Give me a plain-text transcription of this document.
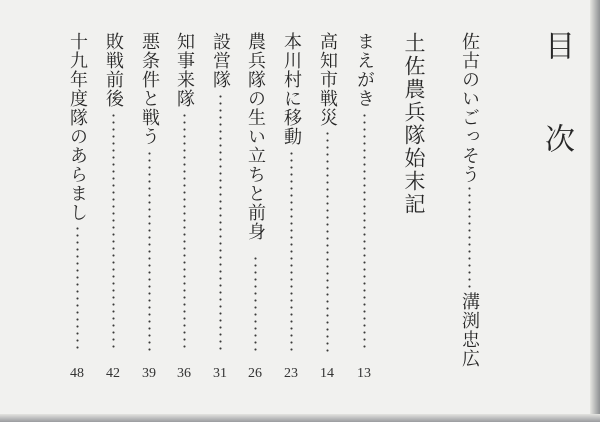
目 次
佐古のいごっそう
溝渕忠広
土佐農兵隊始末記
まえがき
13
高知市戦災
14
本川村に移動
23
農兵隊の生い立ちと前身
26
設営隊
31
知事来隊
36
悪条件と戦う
39
敗戦前後
42
十九年度隊のあらまし
48
